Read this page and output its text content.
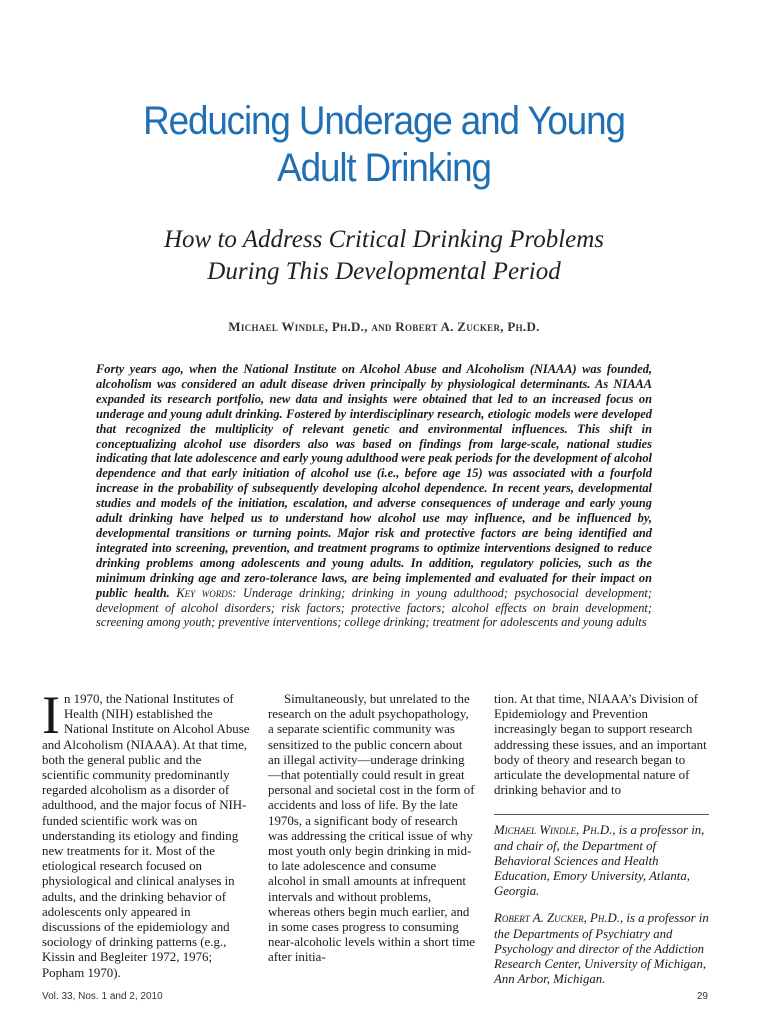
Reducing Underage and Young
Adult Drinking
How to Address Critical Drinking Problems
During This Developmental Period
Michael Windle, Ph.D., and Robert A. Zucker, Ph.D.
Forty years ago, when the National Institute on Alcohol Abuse and Alcoholism (NIAAA) was founded, alcoholism was considered an adult disease driven principally by physiological determinants. As NIAAA expanded its research portfolio, new data and insights were obtained that led to an increased focus on underage and young adult drinking. Fostered by interdisciplinary research, etiologic models were developed that recognized the multiplicity of relevant genetic and environmental influences. This shift in conceptualizing alcohol use disorders also was based on findings from large-scale, national studies indicating that late adolescence and early young adulthood were peak periods for the development of alcohol dependence and that early initiation of alcohol use (i.e., before age 15) was associated with a fourfold increase in the probability of subsequently developing alcohol dependence. In recent years, developmental studies and models of the initiation, escalation, and adverse consequences of underage and early young adult drinking have helped us to understand how alcohol use may influence, and be influenced by, developmental transitions or turning points. Major risk and protective factors are being identified and integrated into screening, prevention, and treatment programs to optimize interventions designed to reduce drinking problems among adolescents and young adults. In addition, regulatory policies, such as the minimum drinking age and zero-tolerance laws, are being implemented and evaluated for their impact on public health. Key words: Underage drinking; drinking in young adulthood; psychosocial development; development of alcohol disorders; risk factors; protective factors; alcohol effects on brain development; screening among youth; preventive interventions; college drinking; treatment for adolescents and young adults
In 1970, the National Institutes of Health (NIH) established the National Institute on Alcohol Abuse and Alcoholism (NIAAA). At that time, both the general public and the scientific community predominantly regarded alcoholism as a disorder of adulthood, and the major focus of NIH-funded scientific work was on understanding its etiology and finding new treatments for it. Most of the etiological research focused on physiological and clinical analyses in adults, and the drinking behavior of adolescents only appeared in discussions of the epidemiology and sociology of drinking patterns (e.g., Kissin and Begleiter 1972, 1976; Popham 1970).
Simultaneously, but unrelated to the research on the adult psychopathology, a separate scientific community was sensitized to the public concern about an illegal activity—underage drinking—that potentially could result in great personal and societal cost in the form of accidents and loss of life. By the late 1970s, a significant body of research was addressing the critical issue of why most youth only begin drinking in mid- to late adolescence and consume alcohol in small amounts at infrequent intervals and without problems, whereas others begin much earlier, and in some cases progress to consuming near-alcoholic levels within a short time after initia-
tion. At that time, NIAAA’s Division of Epidemiology and Prevention increasingly began to support research addressing these issues, and an important body of theory and research began to articulate the developmental nature of drinking behavior and to
Michael Windle, Ph.D., is a professor in, and chair of, the Department of Behavioral Sciences and Health Education, Emory University, Atlanta, Georgia.
Robert A. Zucker, Ph.D., is a professor in the Departments of Psychiatry and Psychology and director of the Addiction Research Center, University of Michigan, Ann Arbor, Michigan.
Vol. 33, Nos. 1 and 2, 2010	29
